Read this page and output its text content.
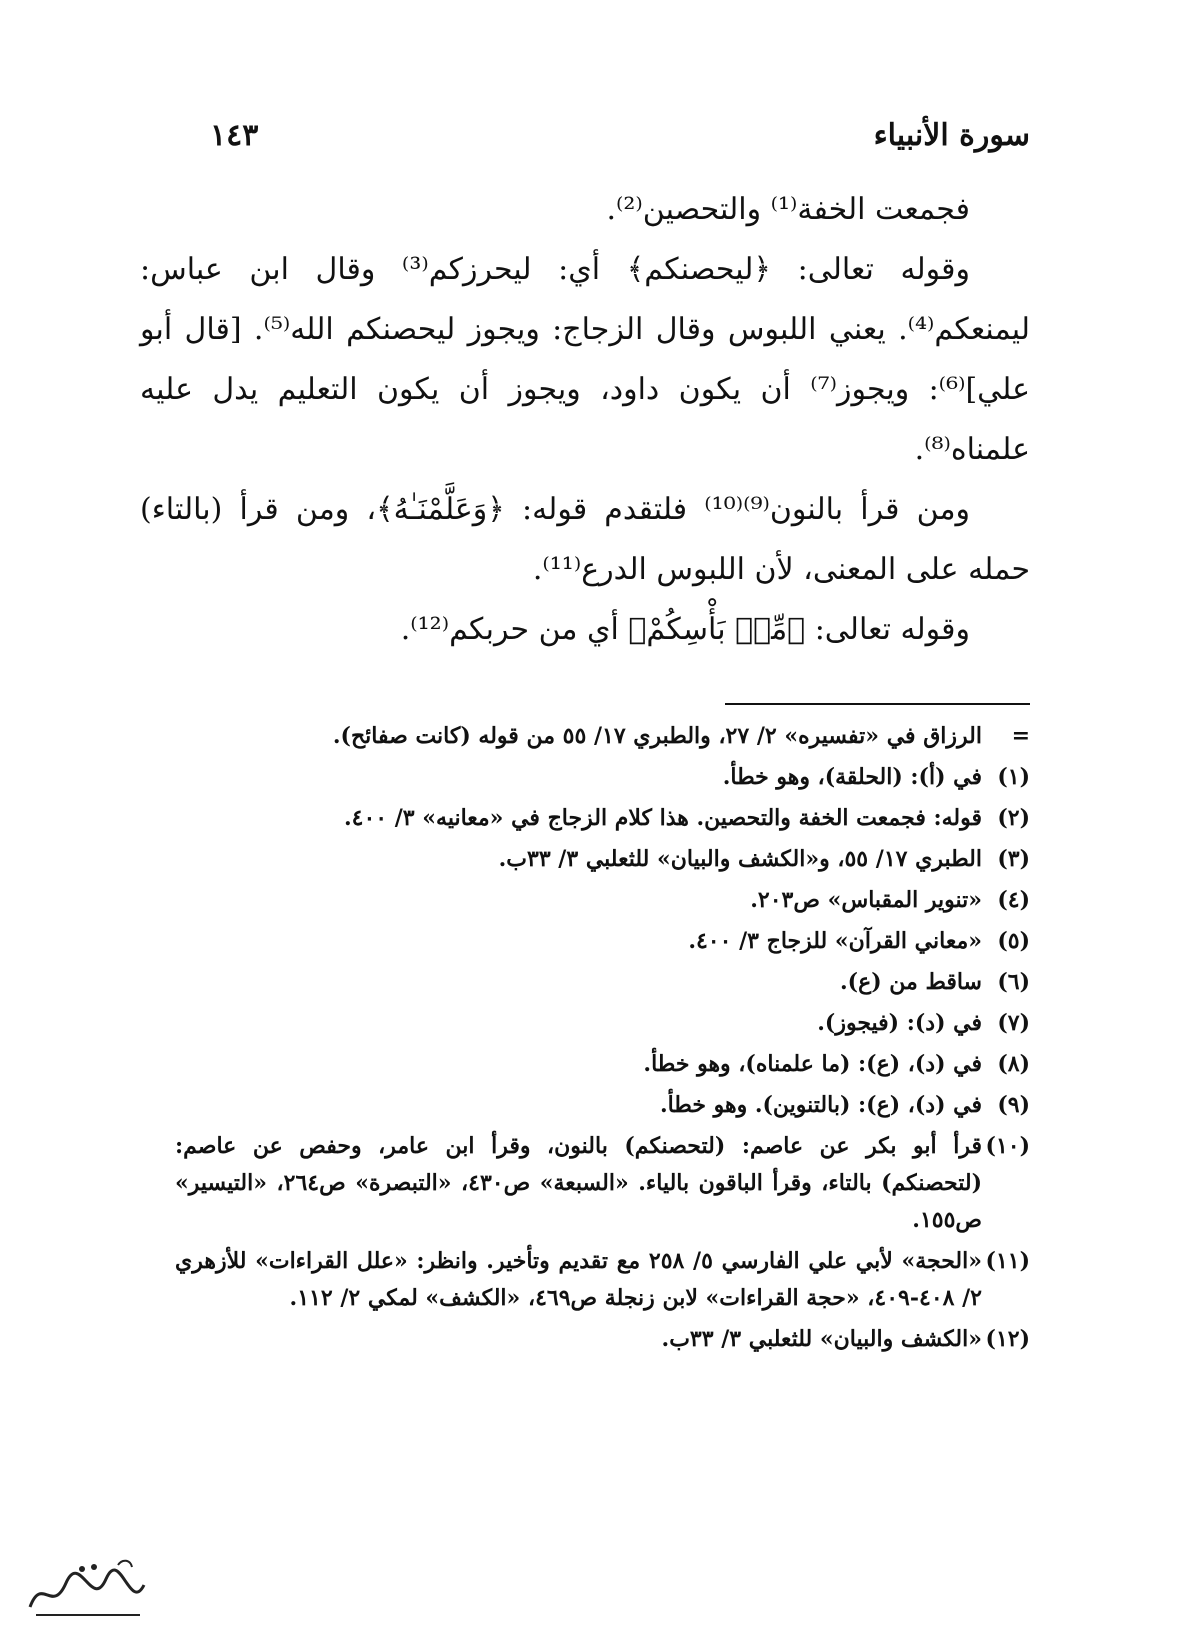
سورة الأنبياء
١٤٣

فجمعت الخفة⁽¹⁾ والتحصين⁽²⁾.

وقوله تعالى: ﴿ليحصنكم﴾ أي: ليحرزكم⁽³⁾ وقال ابن عباس: ليمنعكم⁽⁴⁾. يعني اللبوس وقال الزجاج: ويجوز ليحصنكم الله⁽⁵⁾. [قال أبو علي]⁽⁶⁾: ويجوز⁽⁷⁾ أن يكون داود، ويجوز أن يكون التعليم يدل عليه علمناه⁽⁸⁾.

ومن قرأ بالنون⁽⁹⁾⁽¹⁰⁾ فلتقدم قوله: ﴿وَعَلَّمْنَـٰهُ﴾، ومن قرأ (بالتاء) حمله على المعنى، لأن اللبوس الدرع⁽¹¹⁾.

وقوله تعالى: ﴿مِّنۢ بَأْسِكُمْ﴾ أي من حربكم⁽¹²⁾.

=
الرزاق في «تفسيره» ٢/ ٢٧، والطبري ١٧/ ٥٥ من قوله (كانت صفائح).
(١)
في (أ): (الحلقة)، وهو خطأ.
(٢)
قوله: فجمعت الخفة والتحصين. هذا كلام الزجاج في «معانيه» ٣/ ٤٠٠.
(٣)
الطبري ١٧/ ٥٥، و«الكشف والبيان» للثعلبي ٣/ ٣٣ب.
(٤)
«تنوير المقباس» ص٢٠٣.
(٥)
«معاني القرآن» للزجاج ٣/ ٤٠٠.
(٦)
ساقط من (ع).
(٧)
في (د): (فيجوز).
(٨)
في (د)، (ع): (ما علمناه)، وهو خطأ.
(٩)
في (د)، (ع): (بالتنوين). وهو خطأ.
(١٠)
قرأ أبو بكر عن عاصم: (لتحصنكم) بالنون، وقرأ ابن عامر، وحفص عن عاصم: (لتحصنكم) بالتاء، وقرأ الباقون بالياء. «السبعة» ص٤٣٠، «التبصرة» ص٢٦٤، «التيسير» ص١٥٥.
(١١)
«الحجة» لأبي علي الفارسي ٥/ ٢٥٨ مع تقديم وتأخير. وانظر: «علل القراءات» للأزهري ٢/ ٤٠٨-٤٠٩، «حجة القراءات» لابن زنجلة ص٤٦٩، «الكشف» لمكي ٢/ ١١٢.
(١٢)
«الكشف والبيان» للثعلبي ٣/ ٣٣ب.
